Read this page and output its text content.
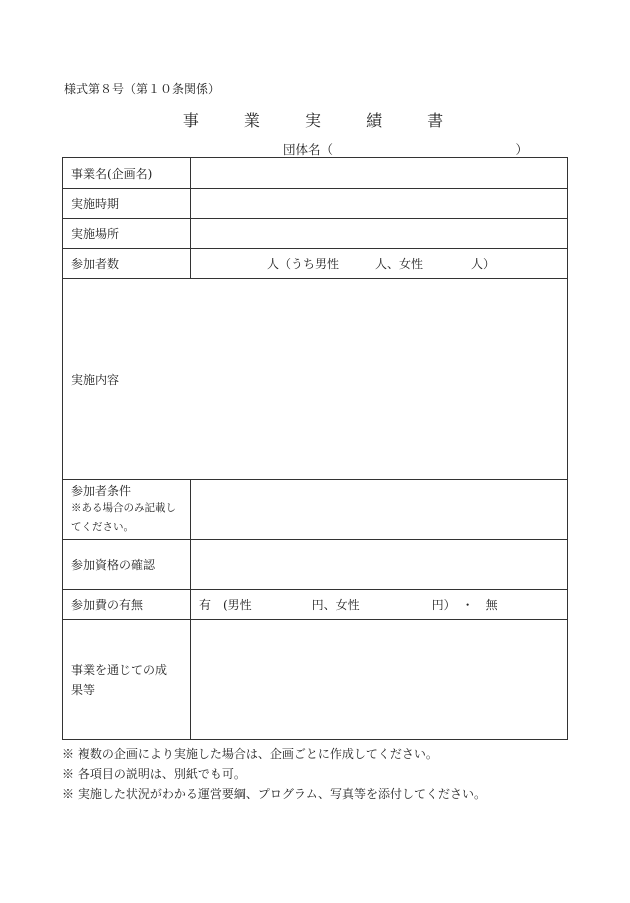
様式第８号（第１０条関係）
事 業 実 績 書
団体名（	）
事業名(企画名)	
実施時期	
実施場所	
参加者数	人（うち男性　　　人、女性　　　　人）
実施内容	

参加者条件
※ある場合のみ記載してください。	

参加資格の確認	
参加費の有無	有　(男性　　　　　円、女性　　　　　　円）　・　無

事業を通じての成果等	

※ 複数の企画により実施した場合は、企画ごとに作成してください。
※ 各項目の説明は、別紙でも可。
※ 実施した状況がわかる運営要綱、プログラム、写真等を添付してください。
